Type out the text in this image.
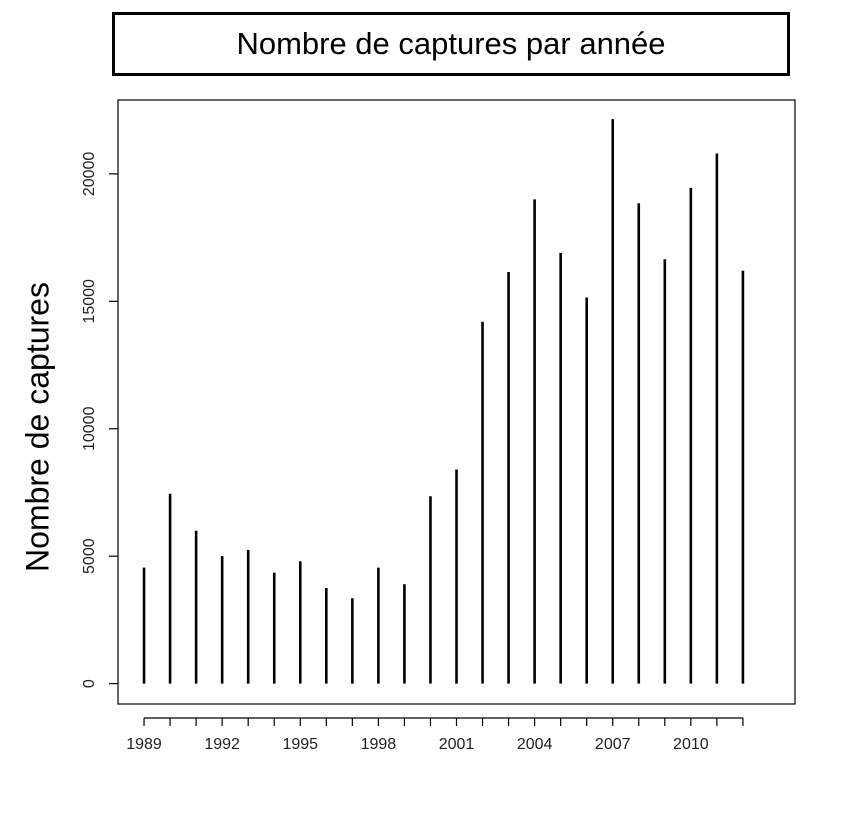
Nombre de captures par année
Nombre de captures
0
5000
10000
15000
20000
1989	1992	1995	1998	2001	2004	2007	2010
